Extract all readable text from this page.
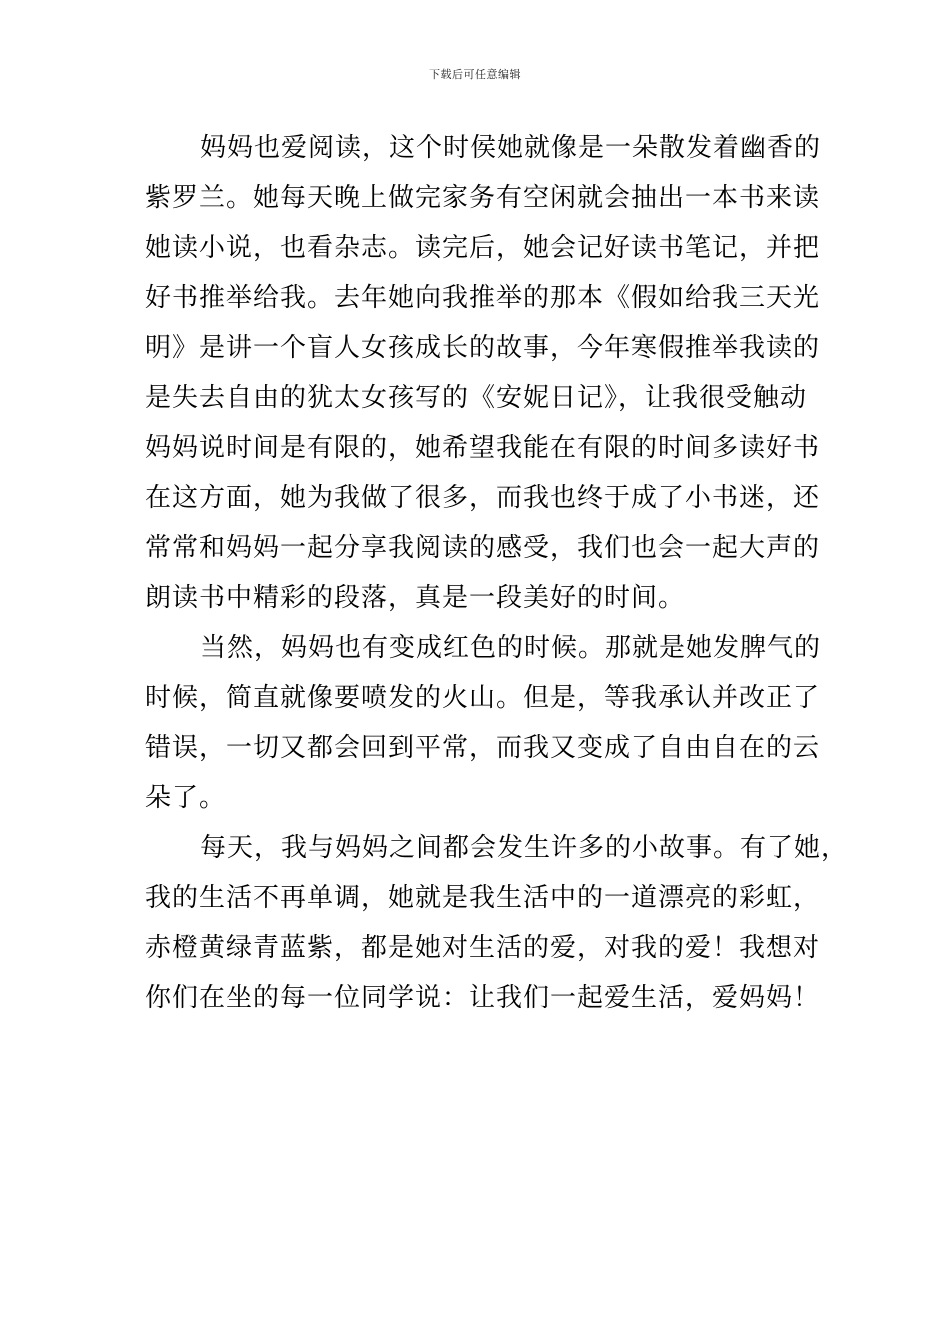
下载后可任意编辑
妈妈也爱阅读，这个时侯她就像是一朵散发着幽香的
紫罗兰。她每天晚上做完家务有空闲就会抽出一本书来读
她读小说，也看杂志。读完后，她会记好读书笔记，并把
好书推举给我。去年她向我推举的那本《假如给我三天光
明》是讲一个盲人女孩成长的故事，今年寒假推举我读的
是失去自由的犹太女孩写的《安妮日记》，让我很受触动
妈妈说时间是有限的，她希望我能在有限的时间多读好书
在这方面，她为我做了很多，而我也终于成了小书迷，还
常常和妈妈一起分享我阅读的感受，我们也会一起大声的
朗读书中精彩的段落，真是一段美好的时间。
当然，妈妈也有变成红色的时候。那就是她发脾气的
时候，简直就像要喷发的火山。但是，等我承认并改正了
错误，一切又都会回到平常，而我又变成了自由自在的云
朵了。
每天，我与妈妈之间都会发生许多的小故事。有了她，
我的生活不再单调，她就是我生活中的一道漂亮的彩虹，
赤橙黄绿青蓝紫，都是她对生活的爱，对我的爱！我想对
你们在坐的每一位同学说：让我们一起爱生活，爱妈妈！
